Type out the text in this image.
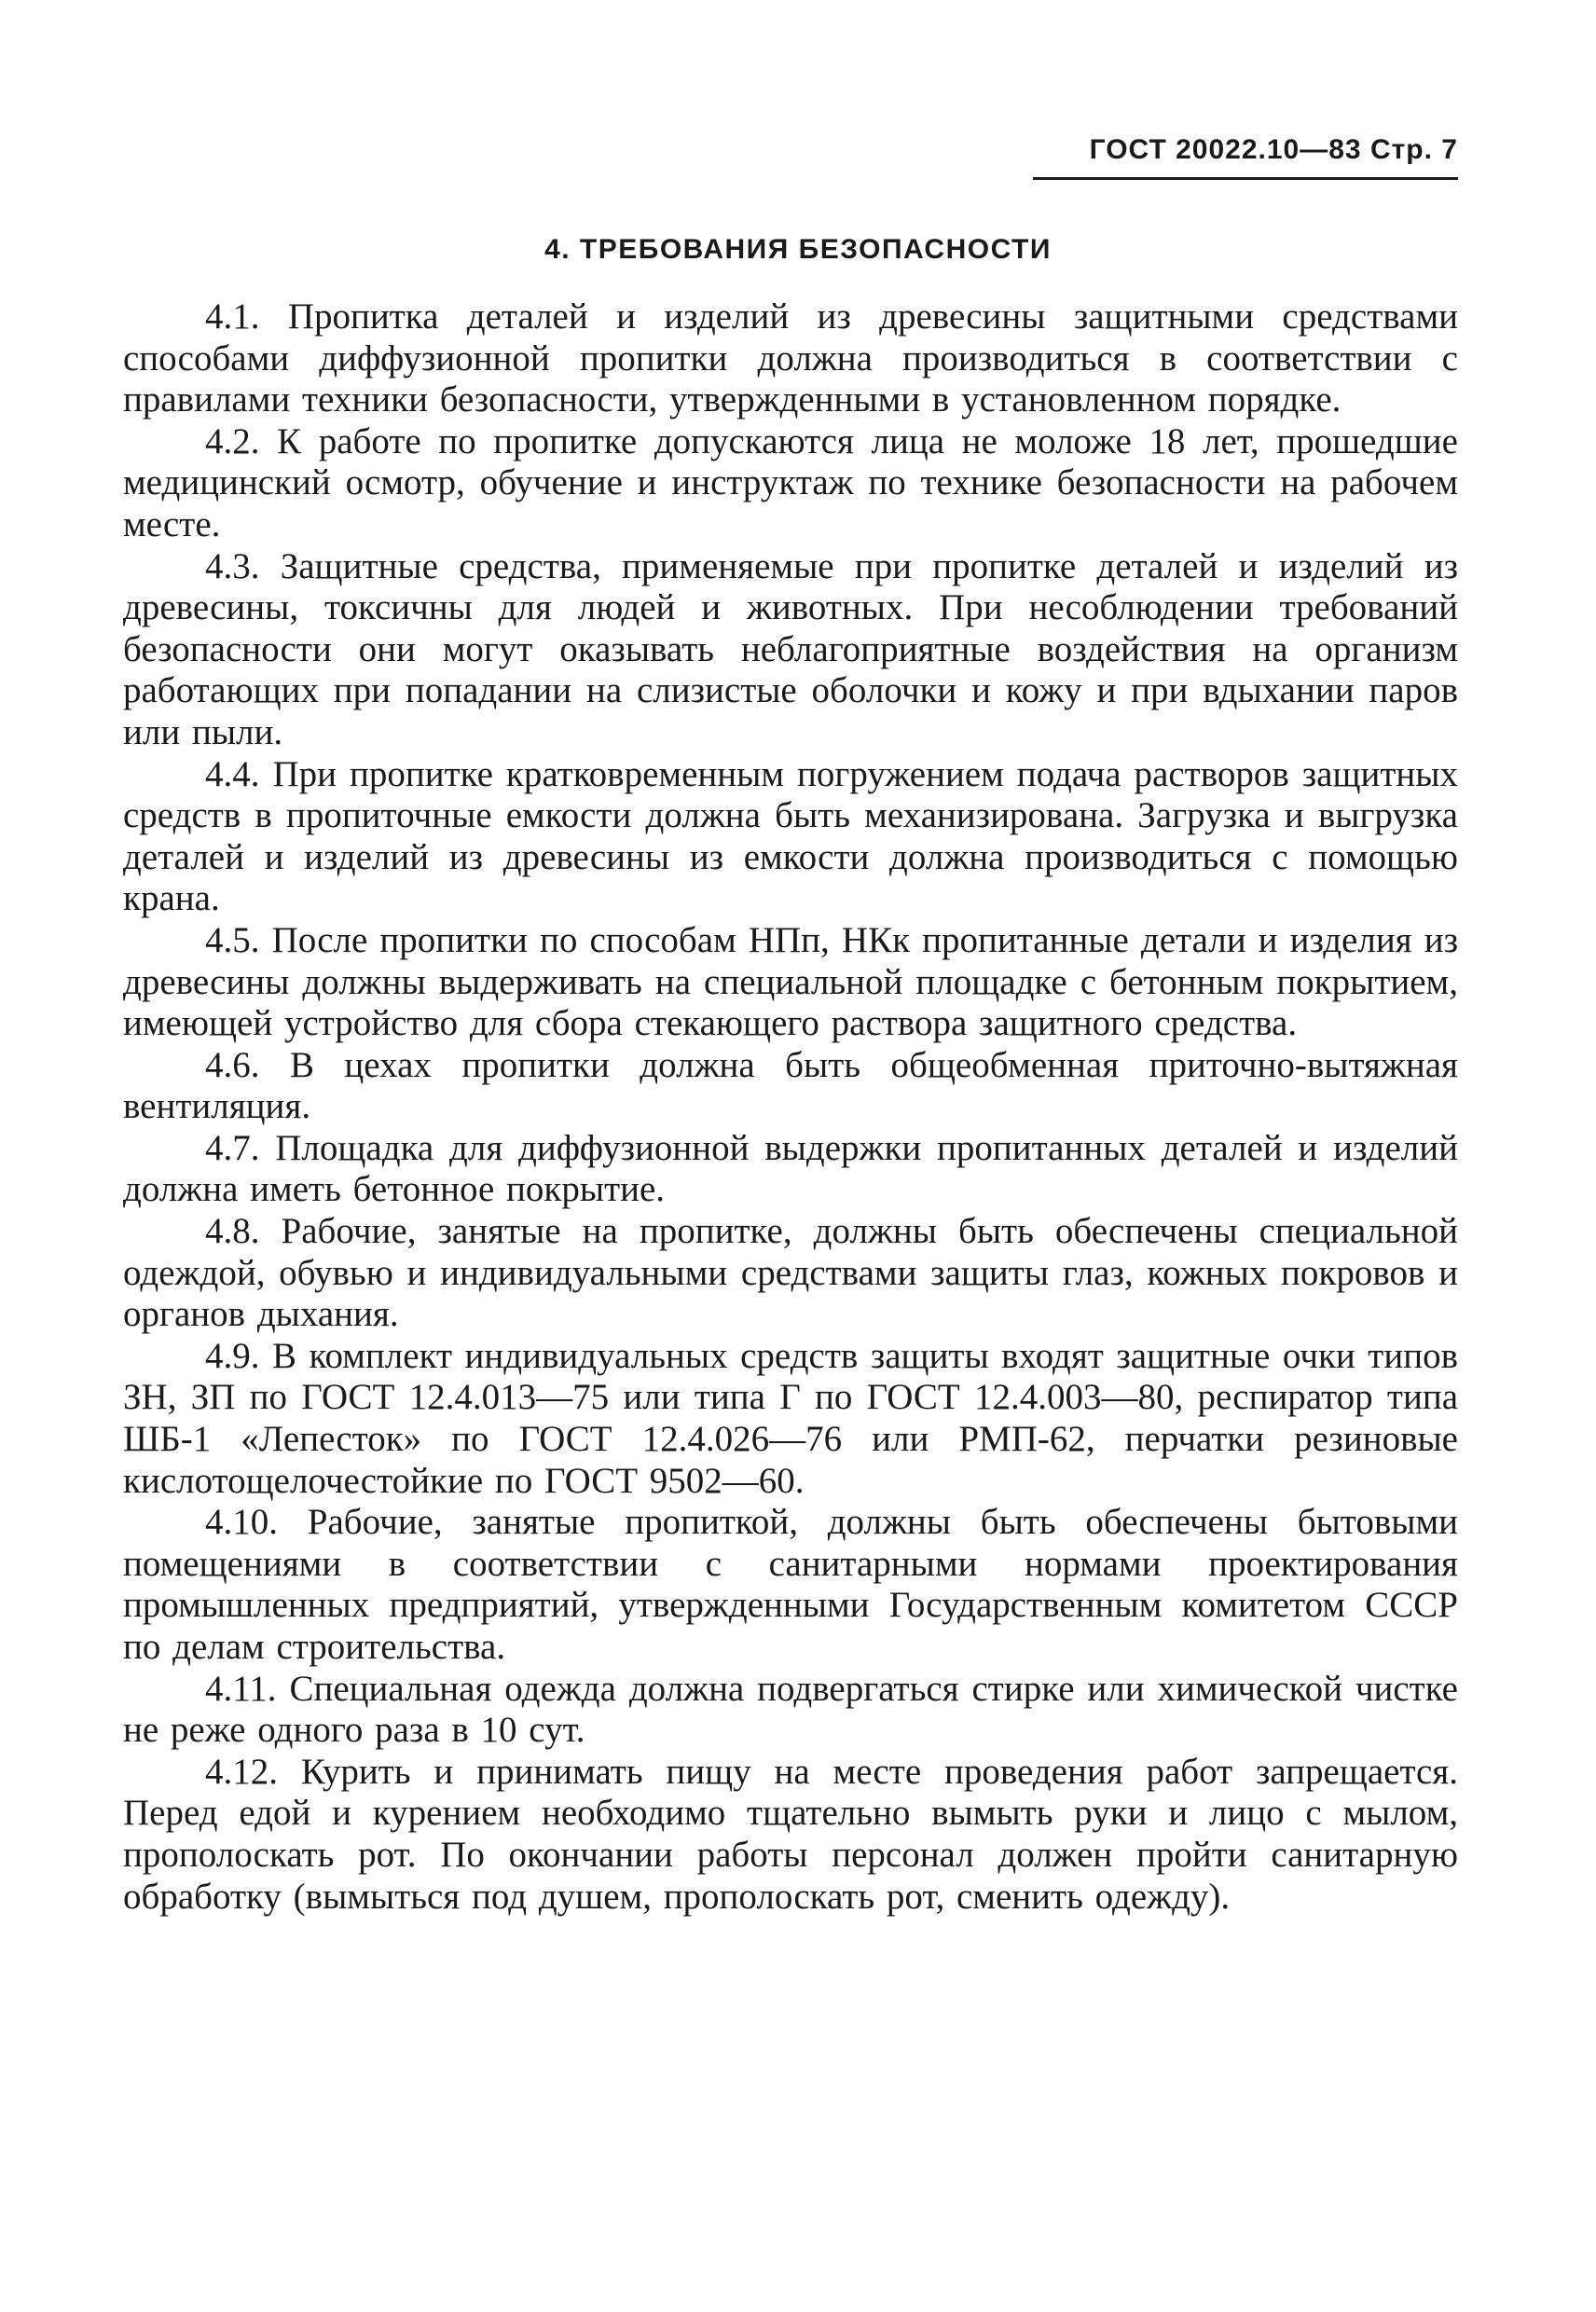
ГОСТ 20022.10—83 Стр. 7
4. ТРЕБОВАНИЯ БЕЗОПАСНОСТИ

4.1. Пропитка деталей и изделий из древесины защитными средствами способами диффузионной пропитки должна производиться в соответствии с правилами техники безопасности, утвержденными в установленном порядке.

4.2. К работе по пропитке допускаются лица не моложе 18 лет, прошедшие медицинский осмотр, обучение и инструктаж по технике безопасности на рабочем месте.

4.3. Защитные средства, применяемые при пропитке деталей и изделий из древесины, токсичны для людей и животных. При несоблюдении требований безопасности они могут оказывать неблагоприятные воздействия на организм работающих при попадании на слизистые оболочки и кожу и при вдыхании паров или пыли.

4.4. При пропитке кратковременным погружением подача растворов защитных средств в пропиточные емкости должна быть механизирована. Загрузка и выгрузка деталей и изделий из древесины из емкости должна производиться с помощью крана.

4.5. После пропитки по способам НПп, НКк пропитанные детали и изделия из древесины должны выдерживать на специальной площадке с бетонным покрытием, имеющей устройство для сбора стекающего раствора защитного средства.

4.6. В цехах пропитки должна быть общеобменная приточно-вытяжная вентиляция.

4.7. Площадка для диффузионной выдержки пропитанных деталей и изделий должна иметь бетонное покрытие.

4.8. Рабочие, занятые на пропитке, должны быть обеспечены специальной одеждой, обувью и индивидуальными средствами защиты глаз, кожных покровов и органов дыхания.

4.9. В комплект индивидуальных средств защиты входят защитные очки типов ЗН, ЗП по ГОСТ 12.4.013—75 или типа Г по ГОСТ 12.4.003—80, респиратор типа ШБ-1 «Лепесток» по ГОСТ 12.4.026—76 или РМП-62, перчатки резиновые кислотощелочестойкие по ГОСТ 9502—60.

4.10. Рабочие, занятые пропиткой, должны быть обеспечены бытовыми помещениями в соответствии с санитарными нормами проектирования промышленных предприятий, утвержденными Государственным комитетом СССР по делам строительства.

4.11. Специальная одежда должна подвергаться стирке или химической чистке не реже одного раза в 10 сут.

4.12. Курить и принимать пищу на месте проведения работ запрещается. Перед едой и курением необходимо тщательно вымыть руки и лицо с мылом, прополоскать рот. По окончании работы персонал должен пройти санитарную обработку (вымыться под душем, прополоскать рот, сменить одежду).
